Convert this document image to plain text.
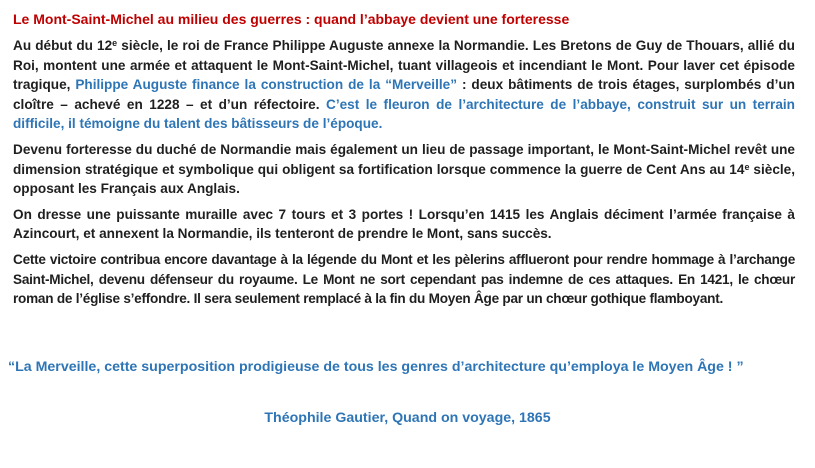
Le Mont-Saint-Michel au milieu des guerres : quand l’abbaye devient une forteresse

Au début du 12e siècle, le roi de France Philippe Auguste annexe la Normandie. Les Bretons de Guy de Thouars, allié du Roi, montent une armée et attaquent le Mont-Saint-Michel, tuant villageois et incendiant le Mont. Pour laver cet épisode tragique, Philippe Auguste finance la construction de la “Merveille” : deux bâtiments de trois étages, surplombés d’un cloître – achevé en 1228 – et d’un réfectoire. C’est le fleuron de l’architecture de l’abbaye, construit sur un terrain difficile, il témoigne du talent des bâtisseurs de l’époque.

Devenu forteresse du duché de Normandie mais également un lieu de passage important, le Mont-Saint-Michel revêt une dimension stratégique et symbolique qui obligent sa fortification lorsque commence la guerre de Cent Ans au 14e siècle, opposant les Français aux Anglais.

On dresse une puissante muraille avec 7 tours et 3 portes ! Lorsqu’en 1415 les Anglais déciment l’armée française à Azincourt, et annexent la Normandie, ils tenteront de prendre le Mont, sans succès.

Cette victoire contribua encore davantage à la légende du Mont et les pèlerins afflueront pour rendre hommage à l’archange Saint-Michel, devenu défenseur du royaume. Le Mont ne sort cependant pas indemne de ces attaques. En 1421, le chœur roman de l’église s’effondre. Il sera seulement remplacé à la fin du Moyen Âge par un chœur gothique flamboyant.

“La Merveille, cette superposition prodigieuse de tous les genres d’architecture qu’employa le Moyen Âge ! ”
Théophile Gautier, Quand on voyage, 1865
